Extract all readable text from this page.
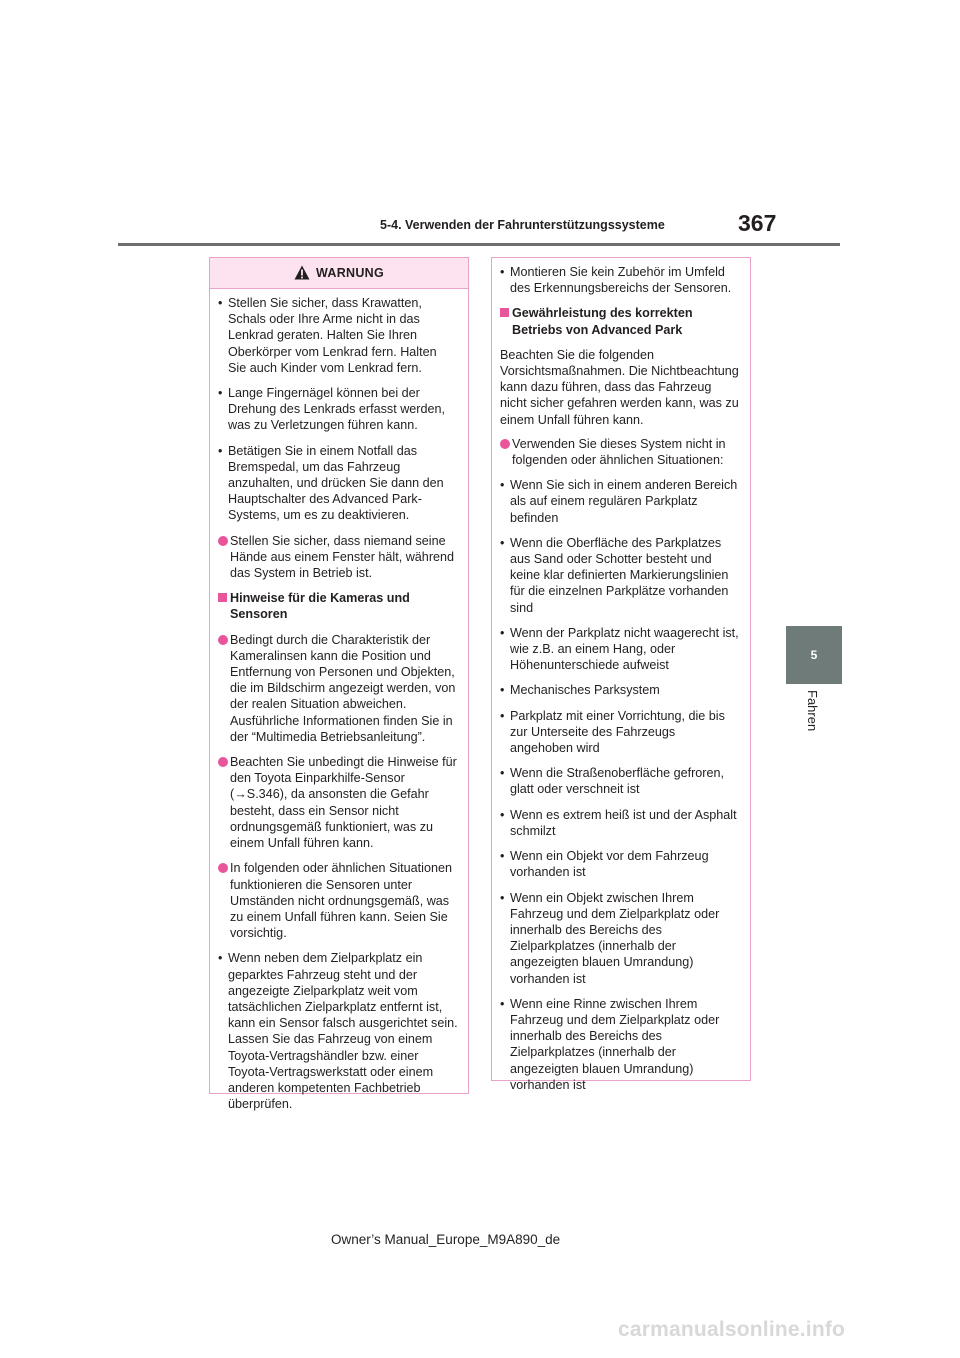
5-4. Verwenden der Fahrunterstützungssysteme	367
5
Fahren
WARNUNG
• Stellen Sie sicher, dass Krawatten, Schals oder Ihre Arme nicht in das Lenkrad geraten. Halten Sie Ihren Oberkörper vom Lenkrad fern. Halten Sie auch Kinder vom Lenkrad fern.
• Lange Fingernägel können bei der Drehung des Lenkrads erfasst werden, was zu Verletzungen führen kann.
• Betätigen Sie in einem Notfall das Bremspedal, um das Fahrzeug anzuhalten, und drücken Sie dann den Hauptschalter des Advanced Park-Systems, um es zu deaktivieren.
Stellen Sie sicher, dass niemand seine Hände aus einem Fenster hält, während das System in Betrieb ist.
Hinweise für die Kameras und Sensoren
Bedingt durch die Charakteristik der Kameralinsen kann die Position und Entfernung von Personen und Objekten, die im Bildschirm angezeigt werden, von der realen Situation abweichen. Ausführliche Informationen finden Sie in der “Multimedia Betriebsanleitung”.
Beachten Sie unbedingt die Hinweise für den Toyota Einparkhilfe-Sensor (→S.346), da ansonsten die Gefahr besteht, dass ein Sensor nicht ordnungsgemäß funktioniert, was zu einem Unfall führen kann.
In folgenden oder ähnlichen Situationen funktionieren die Sensoren unter Umständen nicht ordnungsgemäß, was zu einem Unfall führen kann. Seien Sie vorsichtig.
• Wenn neben dem Zielparkplatz ein geparktes Fahrzeug steht und der angezeigte Zielparkplatz weit vom tatsächlichen Zielparkplatz entfernt ist, kann ein Sensor falsch ausgerichtet sein. Lassen Sie das Fahrzeug von einem Toyota-Vertragshändler bzw. einer Toyota-Vertragswerkstatt oder einem anderen kompetenten Fachbetrieb überprüfen.
• Montieren Sie kein Zubehör im Umfeld des Erkennungsbereichs der Sensoren.
Gewährleistung des korrekten Betriebs von Advanced Park
Beachten Sie die folgenden Vorsichtsmaßnahmen. Die Nichtbeachtung kann dazu führen, dass das Fahrzeug nicht sicher gefahren werden kann, was zu einem Unfall führen kann.
Verwenden Sie dieses System nicht in folgenden oder ähnlichen Situationen:
• Wenn Sie sich in einem anderen Bereich als auf einem regulären Parkplatz befinden
• Wenn die Oberfläche des Parkplatzes aus Sand oder Schotter besteht und keine klar definierten Markierungslinien für die einzelnen Parkplätze vorhanden sind
• Wenn der Parkplatz nicht waagerecht ist, wie z.B. an einem Hang, oder Höhenunterschiede aufweist
• Mechanisches Parksystem
• Parkplatz mit einer Vorrichtung, die bis zur Unterseite des Fahrzeugs angehoben wird
• Wenn die Straßenoberfläche gefroren, glatt oder verschneit ist
• Wenn es extrem heiß ist und der Asphalt schmilzt
• Wenn ein Objekt vor dem Fahrzeug vorhanden ist
• Wenn ein Objekt zwischen Ihrem Fahrzeug und dem Zielparkplatz oder innerhalb des Bereichs des Zielparkplatzes (innerhalb der angezeigten blauen Umrandung) vorhanden ist
• Wenn eine Rinne zwischen Ihrem Fahrzeug und dem Zielparkplatz oder innerhalb des Bereichs des Zielparkplatzes (innerhalb der angezeigten blauen Umrandung) vorhanden ist
Owner’s Manual_Europe_M9A890_de
carmanualsonline.info
